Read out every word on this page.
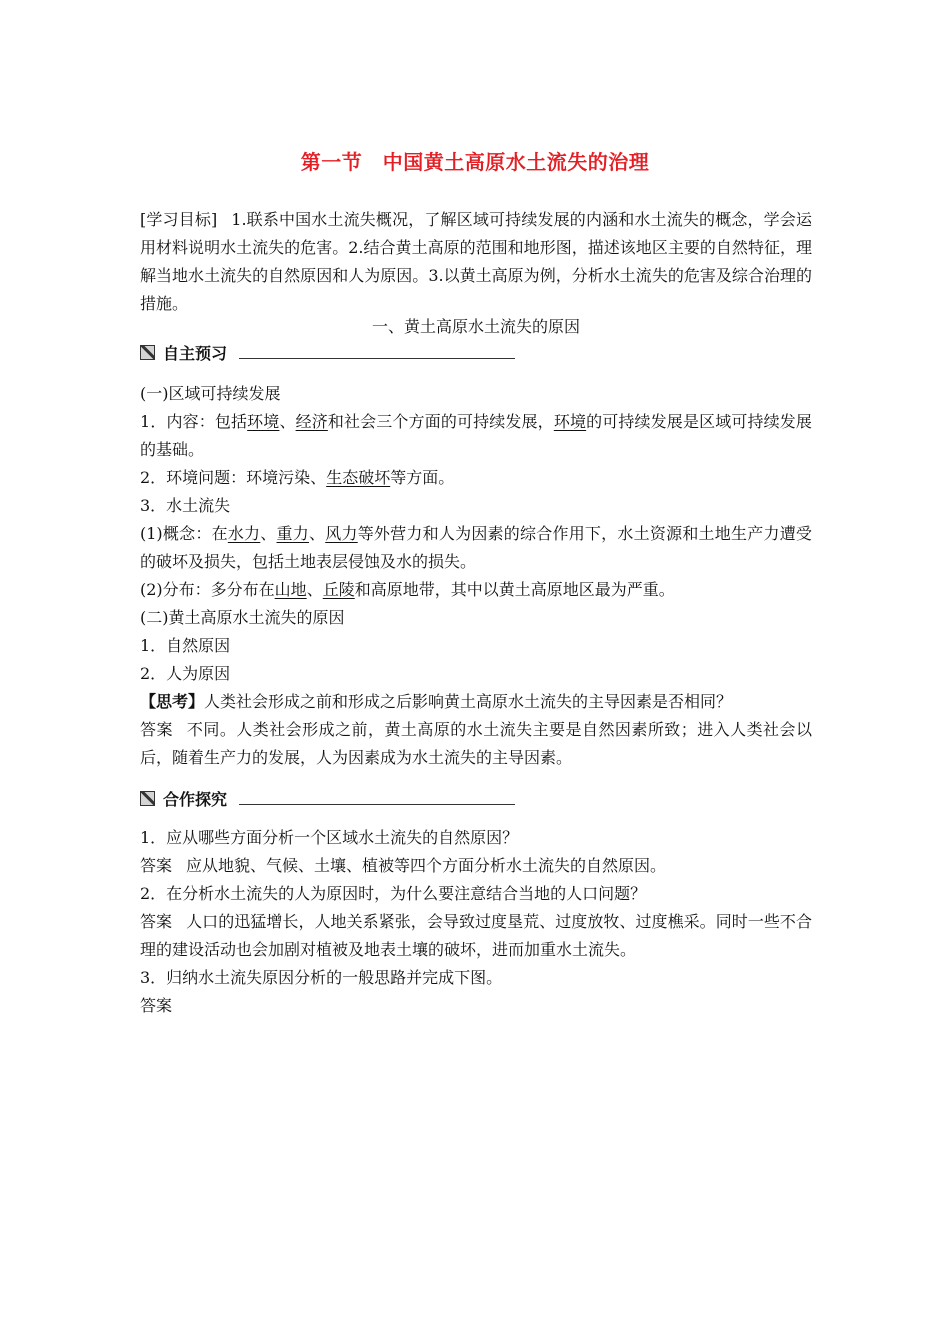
第一节　中国黄土高原水土流失的治理

[学习目标] 1.联系中国水土流失概况，了解区域可持续发展的内涵和水土流失的概念，学会运用材料说明水土流失的危害。2.结合黄土高原的范围和地形图，描述该地区主要的自然特征，理解当地水土流失的自然原因和人为原因。3.以黄土高原为例，分析水土流失的危害及综合治理的措施。

一、黄土高原水土流失的原因

自主预习
(一)区域可持续发展
1．内容：包括环境、经济和社会三个方面的可持续发展，环境的可持续发展是区域可持续发展的基础。
2．环境问题：环境污染、生态破坏等方面。
3．水土流失
(1)概念：在水力、重力、风力等外营力和人为因素的综合作用下，水土资源和土地生产力遭受的破坏及损失，包括土地表层侵蚀及水的损失。
(2)分布：多分布在山地、丘陵和高原地带，其中以黄土高原地区最为严重。
(二)黄土高原水土流失的原因
1．自然原因
2．人为原因
【思考】人类社会形成之前和形成之后影响黄土高原水土流失的主导因素是否相同？
答案 不同。人类社会形成之前，黄土高原的水土流失主要是自然因素所致；进入人类社会以后，随着生产力的发展，人为因素成为水土流失的主导因素。
合作探究
1．应从哪些方面分析一个区域水土流失的自然原因？
答案 应从地貌、气候、土壤、植被等四个方面分析水土流失的自然原因。
2．在分析水土流失的人为原因时，为什么要注意结合当地的人口问题？
答案 人口的迅猛增长，人地关系紧张，会导致过度垦荒、过度放牧、过度樵采。同时一些不合理的建设活动也会加剧对植被及地表土壤的破坏，进而加重水土流失。
3．归纳水土流失原因分析的一般思路并完成下图。
答案
